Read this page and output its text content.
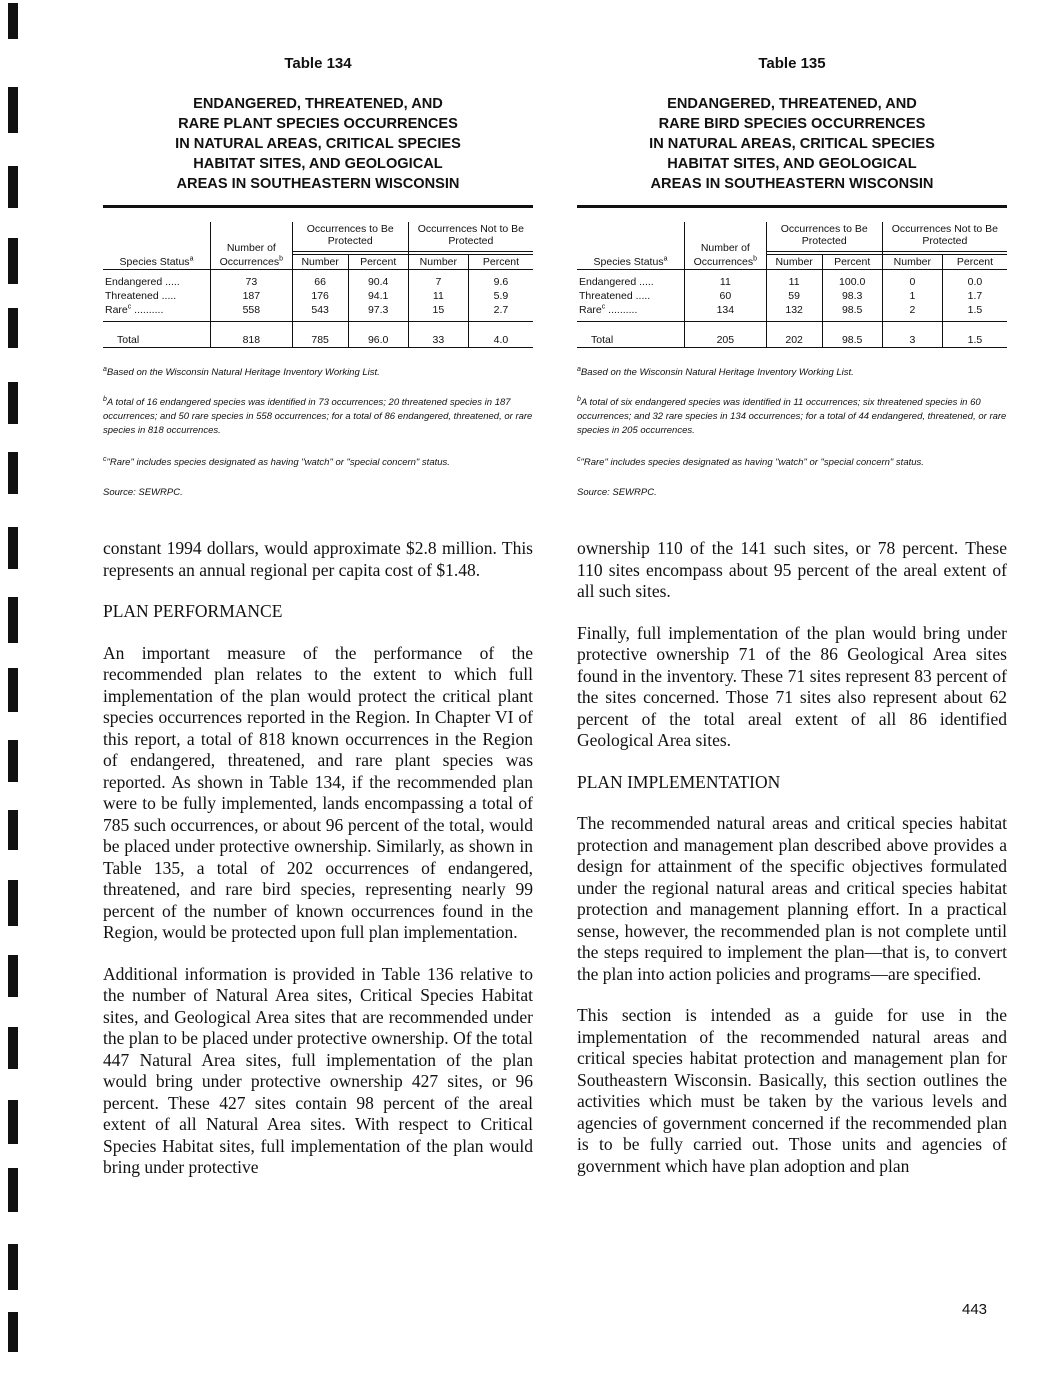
Table 134
ENDANGERED, THREATENED, AND
RARE PLANT SPECIES OCCURRENCES
IN NATURAL AREAS, CRITICAL SPECIES
HABITAT SITES, AND GEOLOGICAL
AREAS IN SOUTHEASTERN WISCONSIN
	Number of	Occurrences to Be Protected		Occurrences Not to Be Protected	

Species Status$^a$	Occurrences$^b$	Number	Percent	Number	Percent

Endangered .....	73	66	90.4	7	9.6
Threatened .....	187	176	94.1	11	5.9
Rare$^c$ ..........	558	543	97.3	15	2.7

Total	818	785	96.0	33	4.0
$^a$Based on the Wisconsin Natural Heritage Inventory Working List.
$^b$A total of 16 endangered species was identified in 73 occurrences; 20 threatened species in 187 occurrences; and 50 rare species in 558 occurrences; for a total of 86 endangered, threatened, or rare species in 818 occurrences.
$^c$"Rare" includes species designated as having "watch" or "special concern" status.
Source: SEWRPC.
Table 135
ENDANGERED, THREATENED, AND
RARE BIRD SPECIES OCCURRENCES
IN NATURAL AREAS, CRITICAL SPECIES
HABITAT SITES, AND GEOLOGICAL
AREAS IN SOUTHEASTERN WISCONSIN
	Number of	Occurrences to Be Protected		Occurrences Not to Be Protected	

Species Status$^a$	Occurrences$^b$	Number	Percent	Number	Percent

Endangered .....	11	11	100.0	0	0.0
Threatened .....	60	59	98.3	1	1.7
Rare$^c$ ..........	134	132	98.5	2	1.5

Total	205	202	98.5	3	1.5
$^a$Based on the Wisconsin Natural Heritage Inventory Working List.
$^b$A total of six endangered species was identified in 11 occurrences; six threatened species in 60 occurrences; and 32 rare species in 134 occurrences; for a total of 44 endangered, threatened, or rare species in 205 occurrences.
$^c$"Rare" includes species designated as having "watch" or "special concern" status.
Source: SEWRPC.

constant 1994 dollars, would approximate $2.8 million. This represents an annual regional per capita cost of $1.48.

PLAN PERFORMANCE

An important measure of the performance of the recommended plan relates to the extent to which full implementation of the plan would protect the critical plant species occurrences reported in the Region. In Chapter VI of this report, a total of 818 known occurrences in the Region of endangered, threatened, and rare plant species was reported. As shown in Table 134, if the recommended plan were to be fully implemented, lands encompassing a total of 785 such occurrences, or about 96 percent of the total, would be placed under protective ownership. Similarly, as shown in Table 135, a total of 202 occurrences of endangered, threatened, and rare bird species, representing nearly 99 percent of the number of known occurrences found in the Region, would be protected upon full plan implementation.

Additional information is provided in Table 136 relative to the number of Natural Area sites, Critical Species Habitat sites, and Geological Area sites that are recommended under the plan to be placed under protective ownership. Of the total 447 Natural Area sites, full implementation of the plan would bring under protective ownership 427 sites, or 96 percent. These 427 sites contain 98 percent of the areal extent of all Natural Area sites. With respect to Critical Species Habitat sites, full implementation of the plan would bring under protective

ownership 110 of the 141 such sites, or 78 percent. These 110 sites encompass about 95 percent of the areal extent of all such sites.

Finally, full implementation of the plan would bring under protective ownership 71 of the 86 Geological Area sites found in the inventory. These 71 sites represent 83 percent of the sites concerned. Those 71 sites also represent about 62 percent of the total areal extent of all 86 identified Geological Area sites.

PLAN IMPLEMENTATION

The recommended natural areas and critical species habitat protection and management plan described above provides a design for attainment of the specific objectives formulated under the regional natural areas and critical species habitat protection and management planning effort. In a practical sense, however, the recommended plan is not complete until the steps required to implement the plan—that is, to convert the plan into action policies and programs—are specified.

This section is intended as a guide for use in the implementation of the recommended natural areas and critical species habitat protection and management plan for Southeastern Wisconsin. Basically, this section outlines the activities which must be taken by the various levels and agencies of government concerned if the recommended plan is to be fully carried out. Those units and agencies of government which have plan adoption and plan

443
